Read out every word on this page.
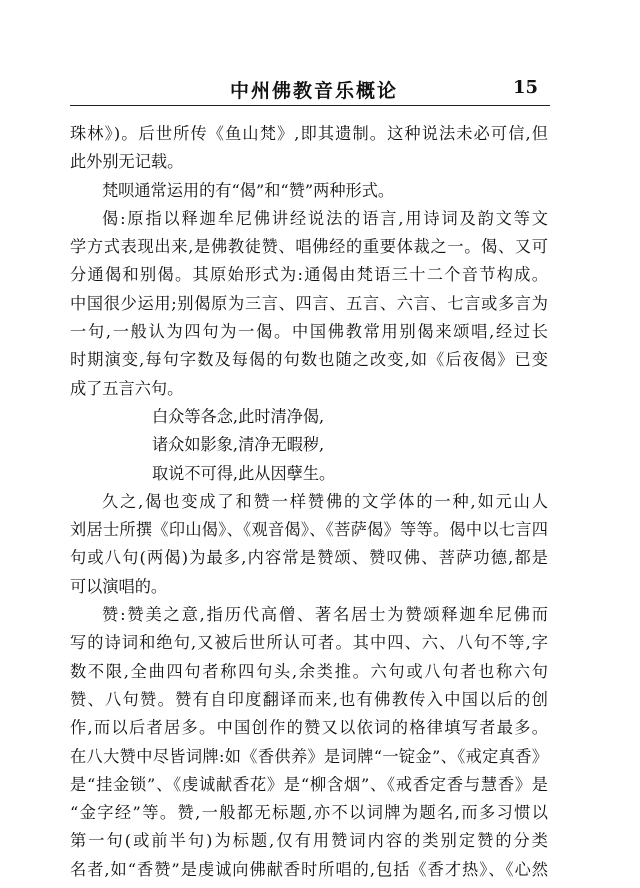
中州佛教音乐概论	15
珠林》)。后世所传《鱼山梵》,即其遗制。这种说法未必可信,但
此外别无记载。
梵呗通常运用的有“偈”和“赞”两种形式。
偈:原指以释迦牟尼佛讲经说法的语言,用诗词及韵文等文
学方式表现出来,是佛教徒赞、唱佛经的重要体裁之一。偈、又可
分通偈和别偈。其原始形式为:通偈由梵语三十二个音节构成。
中国很少运用;别偈原为三言、四言、五言、六言、七言或多言为
一句,一般认为四句为一偈。中国佛教常用别偈来颂唱,经过长
时期演变,每句字数及每偈的句数也随之改变,如《后夜偈》已变
成了五言六句。
白众等各念,此时清净偈,
诸众如影象,清净无暇秽,
取说不可得,此从因孽生。
久之,偈也变成了和赞一样赞佛的文学体的一种,如元山人
刘居士所撰《印山偈》、《观音偈》、《菩萨偈》等等。偈中以七言四
句或八句(两偈)为最多,内容常是赞颂、赞叹佛、菩萨功德,都是
可以演唱的。
赞:赞美之意,指历代高僧、著名居士为赞颂释迦牟尼佛而
写的诗词和绝句,又被后世所认可者。其中四、六、八句不等,字
数不限,全曲四句者称四句头,余类推。六句或八句者也称六句
赞、八句赞。赞有自印度翻译而来,也有佛教传入中国以后的创
作,而以后者居多。中国创作的赞又以依词的格律填写者最多。
在八大赞中尽皆词牌:如《香供养》是词牌“一锭金”、《戒定真香》
是“挂金锁”、《虔诚献香花》是“柳含烟”、《戒香定香与慧香》是
“金字经”等。赞,一般都无标题,亦不以词牌为题名,而多习惯以
第一句(或前半句)为标题,仅有用赞词内容的类别定赞的分类
名者,如“香赞”是虔诚向佛献香时所唱的,包括《香才热》、《心然
